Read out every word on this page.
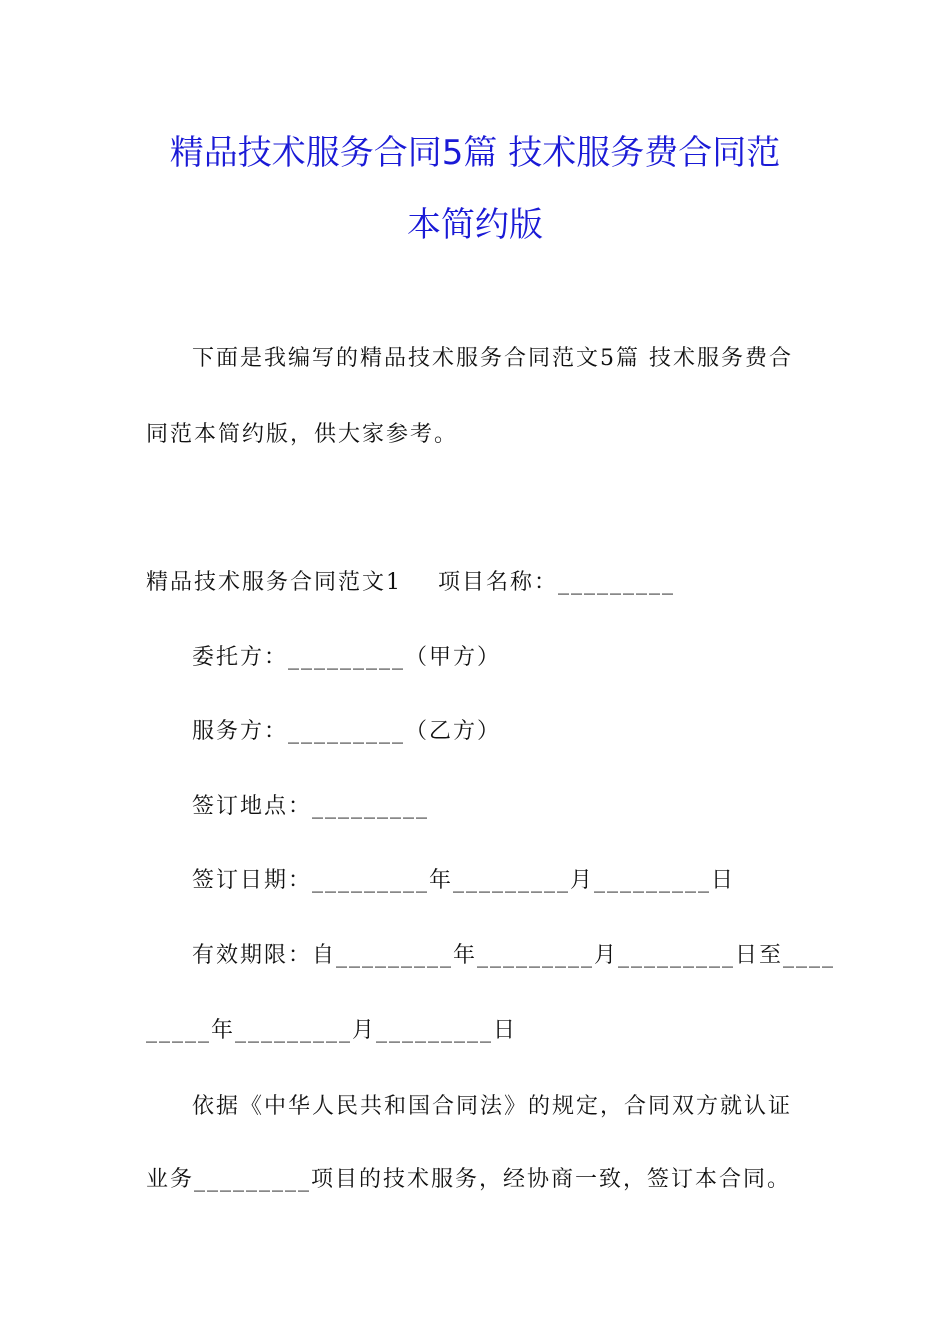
精品技术服务合同5篇 技术服务费合同范
本简约版
下面是我编写的精品技术服务合同范文5篇 技术服务费合
同范本简约版，供大家参考。
精品技术服务合同范文1    项目名称：_________
委托方：_________（甲方）
服务方：_________（乙方）
签订地点：_________
签订日期：_________年_________月_________日
有效期限：自_________年_________月_________日至____
_____年_________月_________日
依据《中华人民共和国合同法》的规定，合同双方就认证
业务_________项目的技术服务，经协商一致，签订本合同。
